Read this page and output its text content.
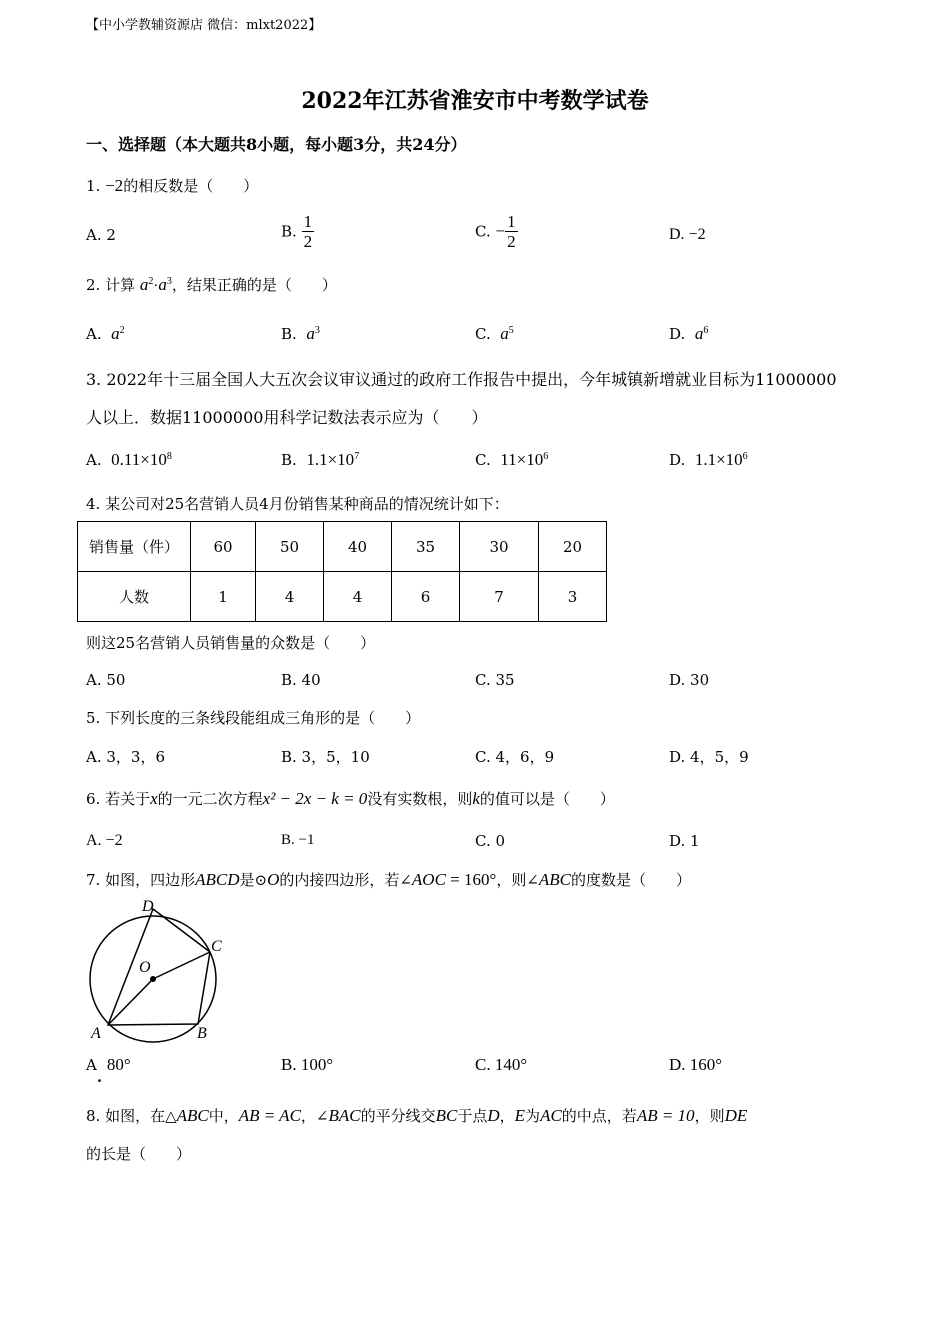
【中小学教辅资源店 微信：mlxt2022】
2022年江苏省淮安市中考数学试卷
一、选择题（本大题共8小题，每小题3分，共24分）
1. −2的相反数是（　　）
A. 2	B. $\frac{1}{2}$	C. − $\frac{1}{2}$	D. −2
2. 计算 $a^2\cdot a^3$，结果正确的是（　　）
A. $a^2$	B. $a^3$	C. $a^5$	D. $a^6$
3. 2022年十三届全国人大五次会议审议通过的政府工作报告中提出，今年城镇新增就业目标为11000000
人以上．数据11000000用科学记数法表示应为（　　）
A. $0.11\times 10^8$	B. $1.1\times 10^7$	C. $11\times 10^6$	D. $1.1\times 10^6$
4. 某公司对25名营销人员4月份销售某种商品的情况统计如下：
销售量（件）	60	50	40	35	30	20
人数	1	4	4	6	7	3
则这25名营销人员销售量的众数是（　　）
A. 50	B. 40	C. 35	D. 30
5. 下列长度的三条线段能组成三角形的是（　　）
A. 3，3，6	B. 3，5，10	C. 4，6，9	D. 4，5，9
6. 若关于x的一元二次方程x² − 2x − k = 0没有实数根，则k的值可以是（　　）
A. −2	B. −1	C. 0	D. 1
7. 如图，四边形ABCD是⊙O的内接四边形，若∠AOC = 160°，则∠ABC的度数是（　　）
D
C
O
A	B
A. 80°	B. 100°	C. 140°	D. 160°
8. 如图，在△ABC中，AB = AC，∠BAC的平分线交BC于点D，E为AC的中点，若AB = 10，则DE
的长是（　　）
